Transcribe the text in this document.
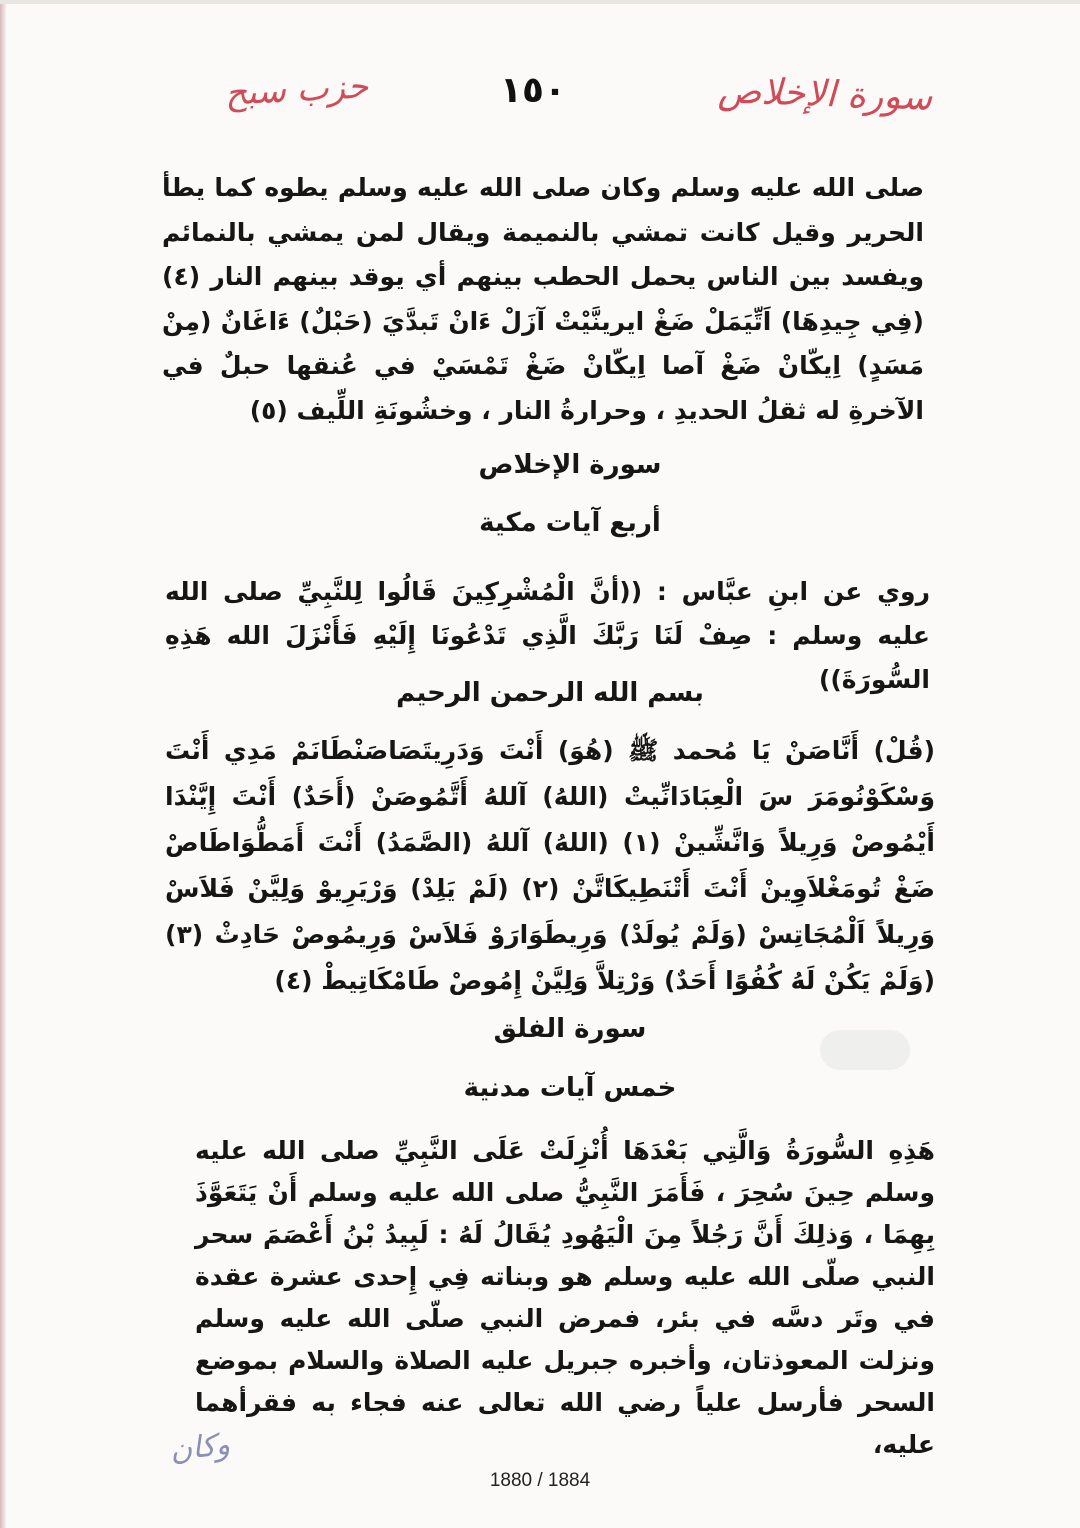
حزب سبح	١٥٠	سورة الإخلاص

صلى الله عليه وسلم وكان صلى الله عليه وسلم يطوه كما يطأ الحرير وقيل كانت تمشي بالنميمة ويقال لمن يمشي بالنمائم ويفسد بين الناس يحمل الحطب بينهم أي يوقد بينهم النار (٤) (فِي جِيدِهَا) اَتِّيَمَلْ ضَغْ ايرينَّيْتْ آزَلْ ءَانْ تَبدَّيَ (حَبْلٌ) ءَاغَانٌ (مِنْ مَسَدٍ) اِيكّانْ ضَغْ آصا اِيكّانْ ضَغْ تَمْسَيْ في عُنقها حبلٌ في الآخرةِ له ثقلُ الحديدِ ، وحرارةُ النار ، وخشُونَةِ اللِّيف (٥)

سورة الإخلاص
أربع آيات مكية

روي عن ابنِ عبَّاس : ((أنَّ الْمُشْرِكِينَ قَالُوا لِلنَّبِيِّ صلى الله عليه وسلم : صِفْ لَنَا رَبَّكَ الَّذِي تَدْعُونَا إِلَيْهِ فَأَنْزَلَ الله هَذِهِ السُّورَةَ))

بسم الله الرحمن الرحيم

(قُلْ) أَنَّاصَنْ يَا مُحمد ﷺ (هُوَ) أَنْتَ وَدَرِيتَصَاصَنْطَانَمْ مَدِي أَنْتَ وَسْكَوْنُومَرَ سَ الْعِبَادَانِّيتْ (اللهُ) آللهُ أَتَّمُوصَنْ (أَحَدٌ) أَنْتَ إِيَّنْدَا أَيْمُوصْ وَرِيلاً وَانَّشِّينْ (١) (اللهُ) آللهُ (الصَّمَدُ) أَنْتَ أَمَطُّوَاطَاصْ ضَغْ تُومَغْلاَوِينْ أَنْتَ أَتْنَطِيكَاتَّنْ (٢) (لَمْ يَلِدْ) وَرْيَرِيوْ وَلِيَّنْ فَلاَسْ وَرِيلاً اَلْمُجَاتِسْ (وَلَمْ يُولَدْ) وَرِيطَوَارَوْ فَلاَسْ وَرِيمُوصْ حَادِثْ (٣) (وَلَمْ يَكُنْ لَهُ كُفُوًا أَحَدٌ) وَرْتِلاَّ وَلِيَّنْ إِمُوصْ طَامْكَاتِيطْ (٤)

سورة الفلق
خمس آيات مدنية

هَذِهِ السُّورَةُ وَالَّتِي بَعْدَهَا أُنْزِلَتْ عَلَى النَّبِيِّ صلى الله عليه وسلم حِينَ سُحِرَ ، فَأَمَرَ النَّبِيُّ صلى الله عليه وسلم أَنْ يَتَعَوَّذَ بِهِمَا ، وَذلِكَ أَنَّ رَجُلاً مِنَ الْيَهُودِ يُقَالُ لَهُ : لَبِيدُ بْنُ أَعْصَمَ سحر النبي صلّى الله عليه وسلم هو وبناته فِي إِحدى عشرة عقدة في وتَر دسَّه في بئر، فمرض النبي صلّى الله عليه وسلم ونزلت المعوذتان، وأخبره جبريل عليه الصلاة والسلام بموضع السحر فأرسل علياً رضي الله تعالى عنه فجاء به فقرأهما عليه،

وكان
1880 / 1884
